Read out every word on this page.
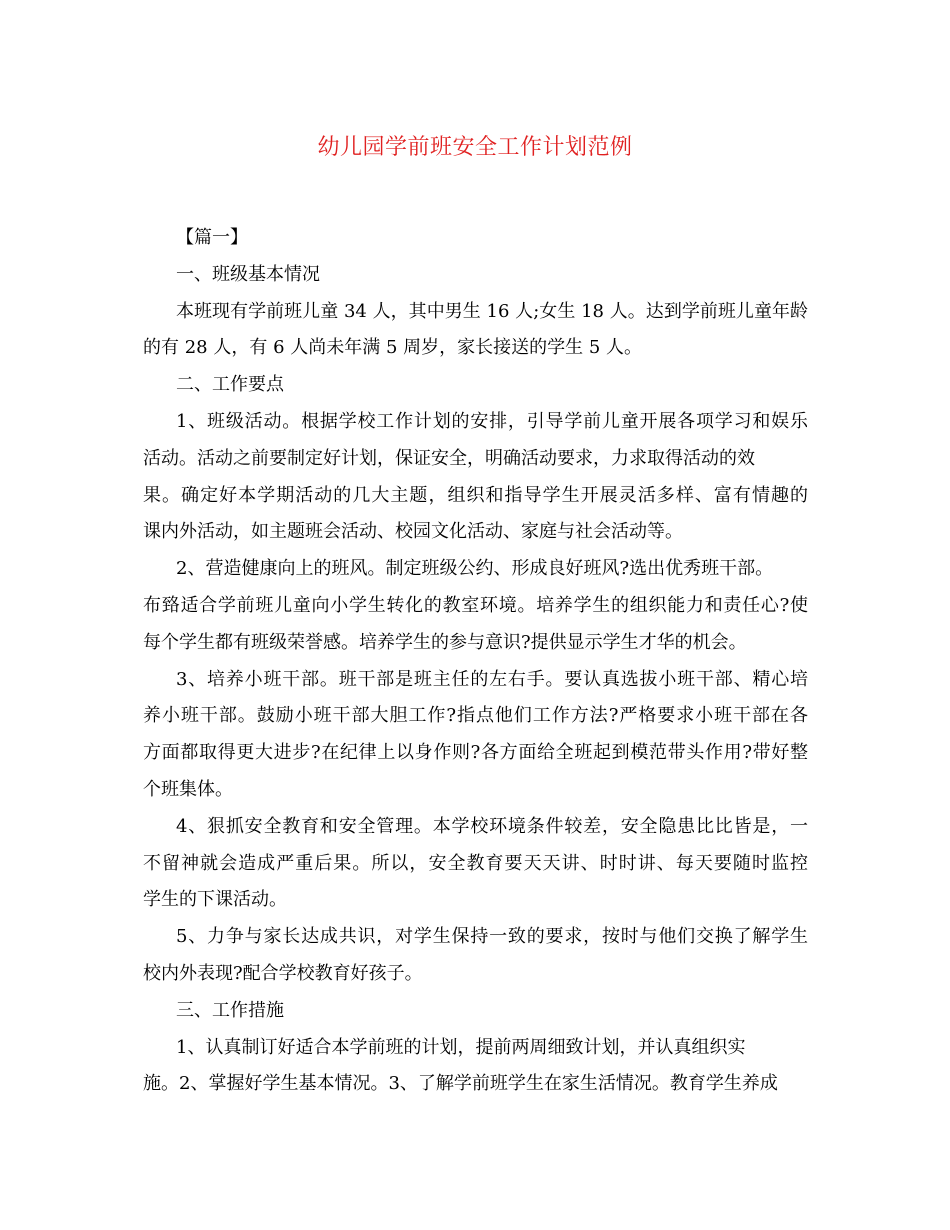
幼儿园学前班安全工作计划范例
【篇一】
一、班级基本情况
本班现有学前班儿童 34 人，其中男生 16 人;女生 18 人。达到学前班儿童年龄
的有 28 人，有 6 人尚未年满 5 周岁，家长接送的学生 5 人。
二、工作要点
1、班级活动。根据学校工作计划的安排，引导学前儿童开展各项学习和娱乐
活动。活动之前要制定好计划，保证安全，明确活动要求，力求取得活动的效
果。确定好本学期活动的几大主题，组织和指导学生开展灵活多样、富有情趣的
课内外活动，如主题班会活动、校园文化活动、家庭与社会活动等。
2、营造健康向上的班风。制定班级公约、形成良好班风?选出优秀班干部。
布臵适合学前班儿童向小学生转化的教室环境。培养学生的组织能力和责任心?使
每个学生都有班级荣誉感。培养学生的参与意识?提供显示学生才华的机会。
3、培养小班干部。班干部是班主任的左右手。要认真选拔小班干部、精心培
养小班干部。鼓励小班干部大胆工作?指点他们工作方法?严格要求小班干部在各
方面都取得更大进步?在纪律上以身作则?各方面给全班起到模范带头作用?带好整
个班集体。
4、狠抓安全教育和安全管理。本学校环境条件较差，安全隐患比比皆是，一
不留神就会造成严重后果。所以，安全教育要天天讲、时时讲、每天要随时监控
学生的下课活动。
5、力争与家长达成共识，对学生保持一致的要求，按时与他们交换了解学生
校内外表现?配合学校教育好孩子。
三、工作措施
1、认真制订好适合本学前班的计划，提前两周细致计划，并认真组织实
施。2、掌握好学生基本情况。3、了解学前班学生在家生活情况。教育学生养成
